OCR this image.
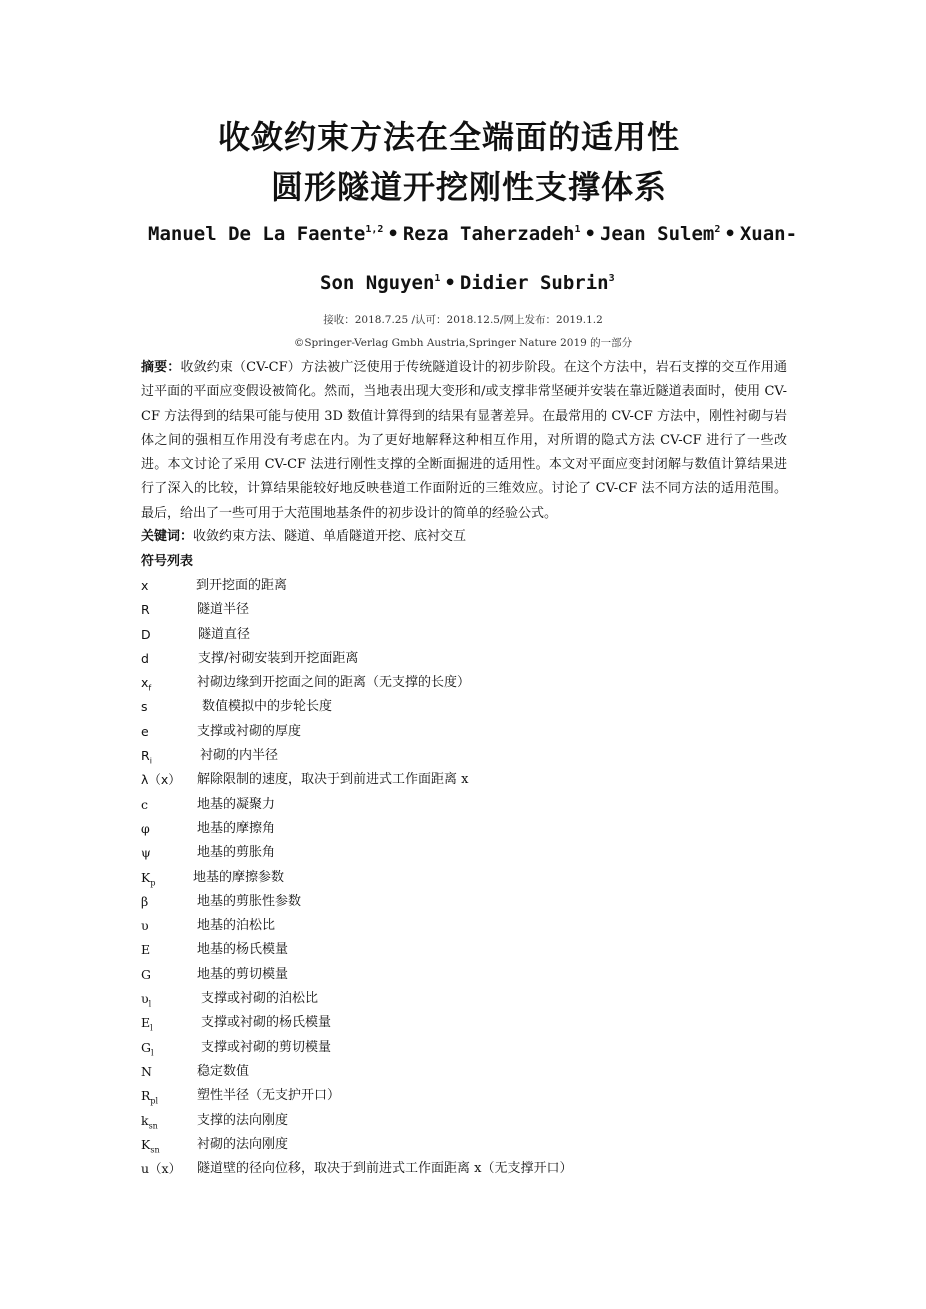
收敛约束方法在全端面的适用性
圆形隧道开挖刚性支撑体系
Manuel De La Faente$^{1,2}$ • Reza Taherzadeh$^1$ • Jean Sulem$^2$ • Xuan-
Son Nguyen$^1$ • Didier Subrin$^3$
接收：2018.7.25 /认可：2018.12.5/网上发布：2019.1.2
©Springer-Verlag Gmbh Austria,Springer Nature 2019 的一部分
摘要：收敛约束（CV-CF）方法被广泛使用于传统隧道设计的初步阶段。在这个方法中，岩石支撑的交互作用通过平面的平面应变假设被简化。然而，当地表出现大变形和/或支撑非常坚硬并安装在靠近隧道表面时，使用 CV-CF 方法得到的结果可能与使用 3D 数值计算得到的结果有显著差异。在最常用的 CV-CF 方法中，刚性衬砌与岩体之间的强相互作用没有考虑在内。为了更好地解释这种相互作用，对所谓的隐式方法 CV-CF 进行了一些改进。本文讨论了采用 CV-CF 法进行刚性支撑的全断面掘进的适用性。本文对平面应变封闭解与数值计算结果进行了深入的比较，计算结果能较好地反映巷道工作面附近的三维效应。讨论了 CV-CF 法不同方法的适用范围。最后，给出了一些可用于大范围地基条件的初步设计的简单的经验公式。
关键词：收敛约束方法、隧道、单盾隧道开挖、底衬交互
符号列表
x	到开挖面的距离
R	隧道半径
D	隧道直径
d	支撑/衬砌安装到开挖面距离
$x_f$	衬砌边缘到开挖面之间的距离（无支撑的长度）
s	数值模拟中的步轮长度
e	支撑或衬砌的厚度
$R_i$	衬砌的内半径
λ（x） 解除限制的速度，取决于到前进式工作面距离 x
c	地基的凝聚力
φ	地基的摩擦角
ψ	地基的剪胀角
$K_p$	地基的摩擦参数
β	地基的剪胀性参数
υ	地基的泊松比
E	地基的杨氏模量
G	地基的剪切模量
$\upsilon_l$	支撑或衬砌的泊松比
$E_l$	支撑或衬砌的杨氏模量
$G_l$	支撑或衬砌的剪切模量
N	稳定数值
$R_{pl}$	塑性半径（无支护开口）
$k_{sn}$	支撑的法向刚度
$K_{sn}$	衬砌的法向刚度
u（x） 隧道壁的径向位移，取决于到前进式工作面距离 x（无支撑开口）
